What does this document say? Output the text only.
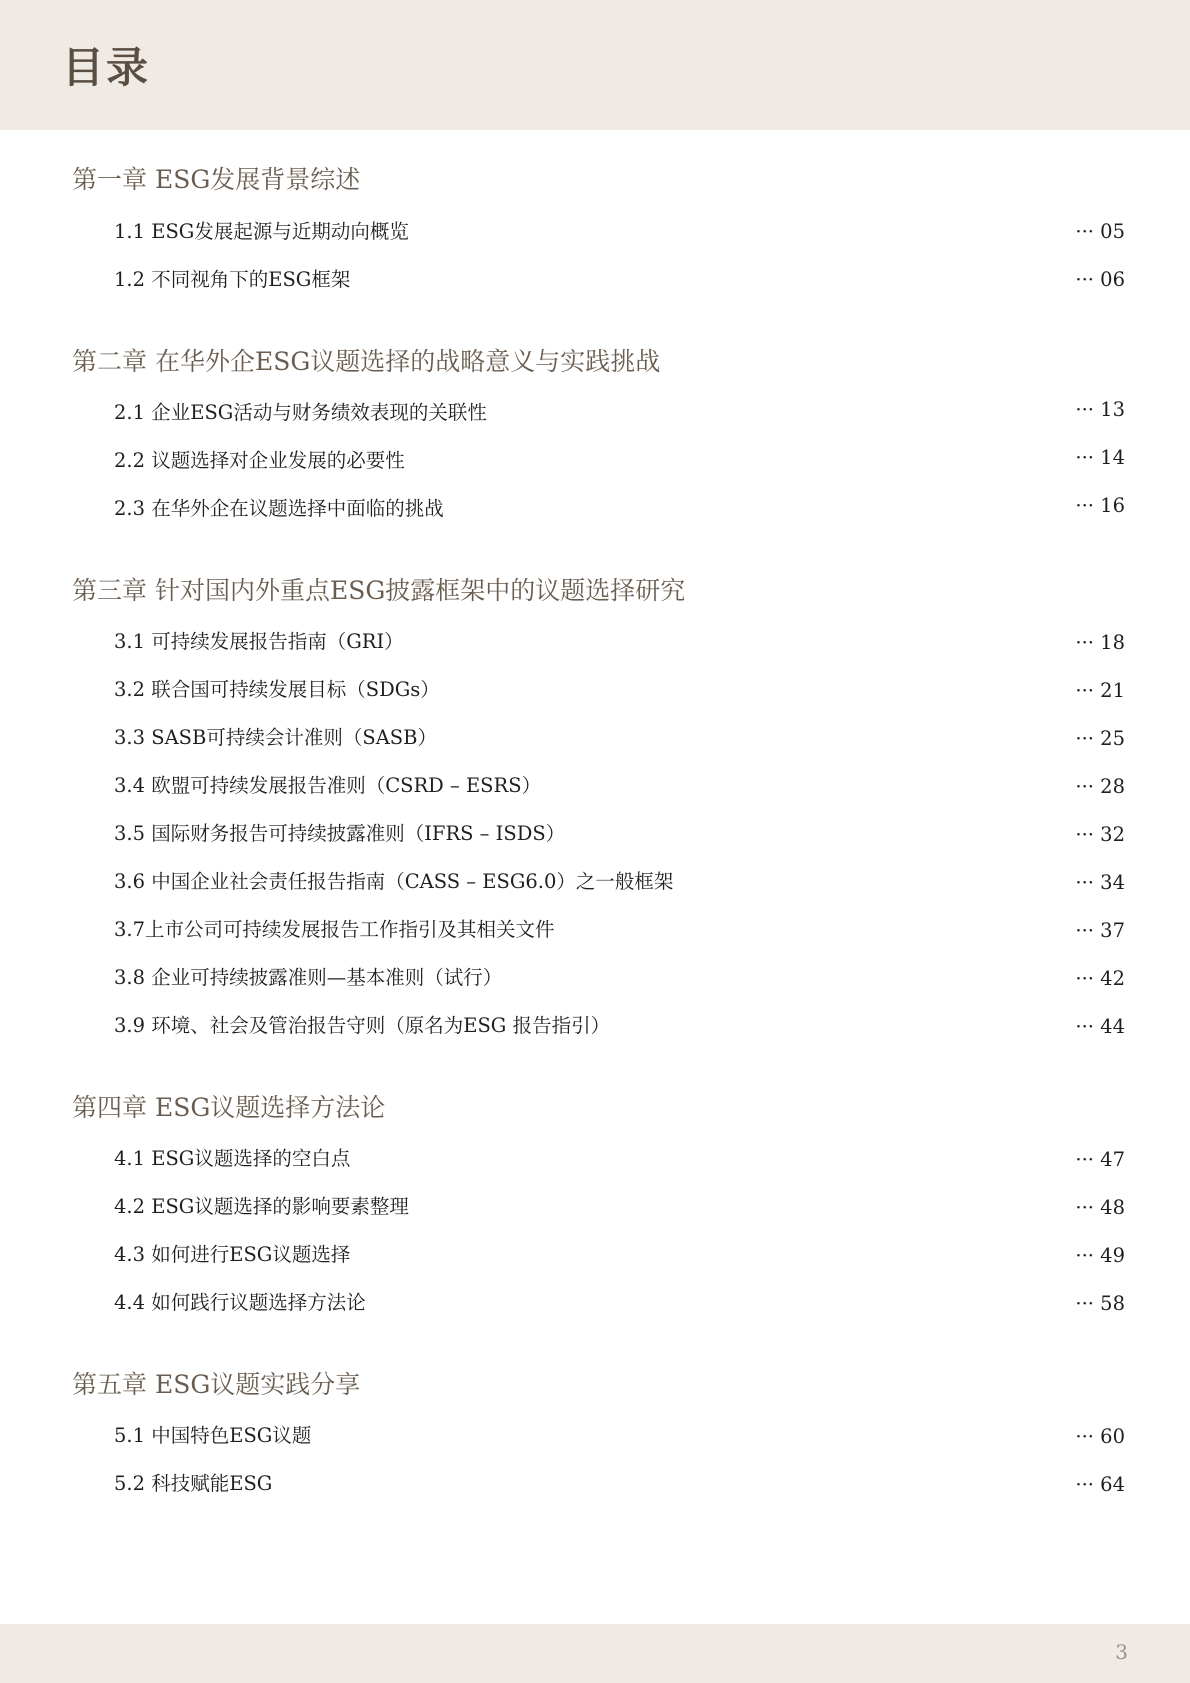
目录
第一章 ESG发展背景综述
1.1 ESG发展起源与近期动向概览	··· 05
1.2 不同视角下的ESG框架	··· 06
第二章 在华外企ESG议题选择的战略意义与实践挑战
2.1 企业ESG活动与财务绩效表现的关联性	··· 13
2.2 议题选择对企业发展的必要性	··· 14
2.3 在华外企在议题选择中面临的挑战	··· 16
第三章 针对国内外重点ESG披露框架中的议题选择研究
3.1 可持续发展报告指南（GRI）	··· 18
3.2 联合国可持续发展目标（SDGs）	··· 21
3.3 SASB可持续会计准则（SASB）	··· 25
3.4 欧盟可持续发展报告准则（CSRD – ESRS）	··· 28
3.5 国际财务报告可持续披露准则（IFRS – ISDS）	··· 32
3.6 中国企业社会责任报告指南（CASS – ESG6.0）之一般框架	··· 34
3.7上市公司可持续发展报告工作指引及其相关文件	··· 37
3.8 企业可持续披露准则—基本准则（试行）	··· 42
3.9 环境、社会及管治报告守则（原名为ESG 报告指引）	··· 44
第四章 ESG议题选择方法论
4.1 ESG议题选择的空白点	··· 47
4.2 ESG议题选择的影响要素整理	··· 48
4.3 如何进行ESG议题选择	··· 49
4.4 如何践行议题选择方法论	··· 58
第五章 ESG议题实践分享
5.1 中国特色ESG议题	··· 60
5.2 科技赋能ESG	··· 64
3
